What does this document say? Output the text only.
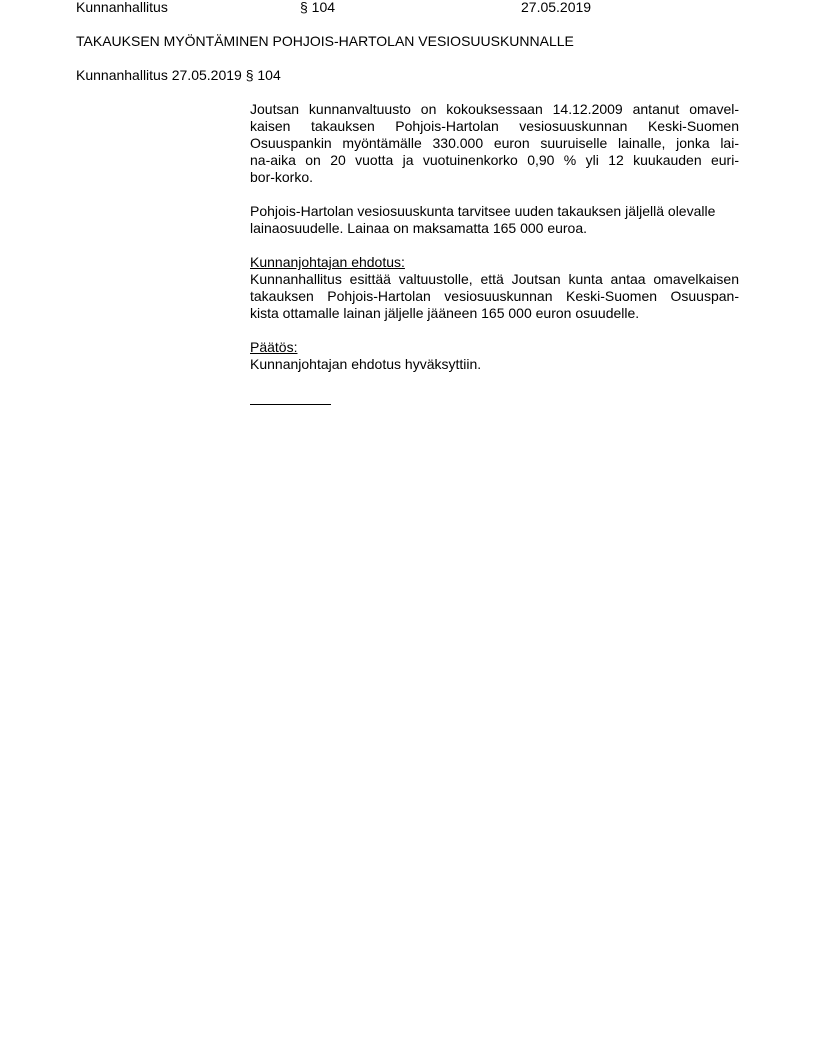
Kunnanhallitus	§ 104	27.05.2019
TAKAUKSEN MYÖNTÄMINEN POHJOIS-HARTOLAN VESIOSUUSKUNNALLE
Kunnanhallitus 27.05.2019 § 104

Joutsan kunnanvaltuusto on kokouksessaan 14.12.2009 antanut omavel-
kaisen takauksen Pohjois-Hartolan vesiosuuskunnan Keski-Suomen
Osuuspankin myöntämälle 330.000 euron suuruiselle lainalle, jonka lai-
na-aika on 20 vuotta ja vuotuinenkorko 0,90 % yli 12 kuukauden euri-
bor-korko.

Pohjois-Hartolan vesiosuuskunta tarvitsee uuden takauksen jäljellä olevalle
lainaosuudelle. Lainaa on maksamatta 165 000 euroa.

Kunnanjohtajan ehdotus:
Kunnanhallitus esittää valtuustolle, että Joutsan kunta antaa omavelkaisen
takauksen Pohjois-Hartolan vesiosuuskunnan Keski-Suomen Osuuspan-
kista ottamalle lainan jäljelle jääneen 165 000 euron osuudelle.

Päätös:
Kunnanjohtajan ehdotus hyväksyttiin.
